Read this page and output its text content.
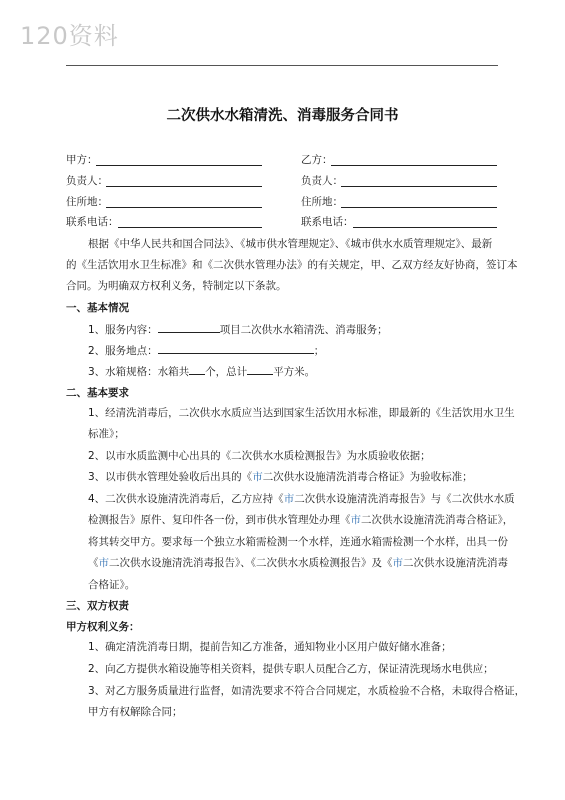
120资料
二次供水水箱清洗、消毒服务合同书
甲方：	乙方：
负责人：	负责人：
住所地：	住所地：
联系电话：	联系电话：
根据《中华人民共和国合同法》、《城市供水管理规定》、《城市供水水质管理规定》、最新
的《生活饮用水卫生标准》和《二次供水管理办法》的有关规定，甲、乙双方经友好协商，签订本
合同。为明确双方权利义务，特制定以下条款。
一、基本情况
1、服务内容：	项目二次供水水箱清洗、消毒服务；
2、服务地点：	；
3、水箱规格：水箱共 个，总计 平方米。
二、基本要求
1、经清洗消毒后，二次供水水质应当达到国家生活饮用水标准，即最新的《生活饮用水卫生
标准》；
2、以市水质监测中心出具的《二次供水水质检测报告》为水质验收依据；
3、以市供水管理处验收后出具的《市二次供水设施清洗消毒合格证》为验收标准；
4、二次供水设施清洗消毒后，乙方应持《市二次供水设施清洗消毒报告》与《二次供水水质
检测报告》原件、复印件各一份，到市供水管理处办理《市二次供水设施清洗消毒合格证》，
将其转交甲方。要求每一个独立水箱需检测一个水样，连通水箱需检测一个水样，出具一份
《市二次供水设施清洗消毒报告》、《二次供水水质检测报告》及《市二次供水设施清洗消毒
合格证》。
三、双方权责
甲方权利义务：
1、确定清洗消毒日期，提前告知乙方准备，通知物业小区用户做好储水准备；
2、向乙方提供水箱设施等相关资料，提供专职人员配合乙方，保证清洗现场水电供应；
3、对乙方服务质量进行监督，如清洗要求不符合合同规定，水质检验不合格，未取得合格证，
甲方有权解除合同；
